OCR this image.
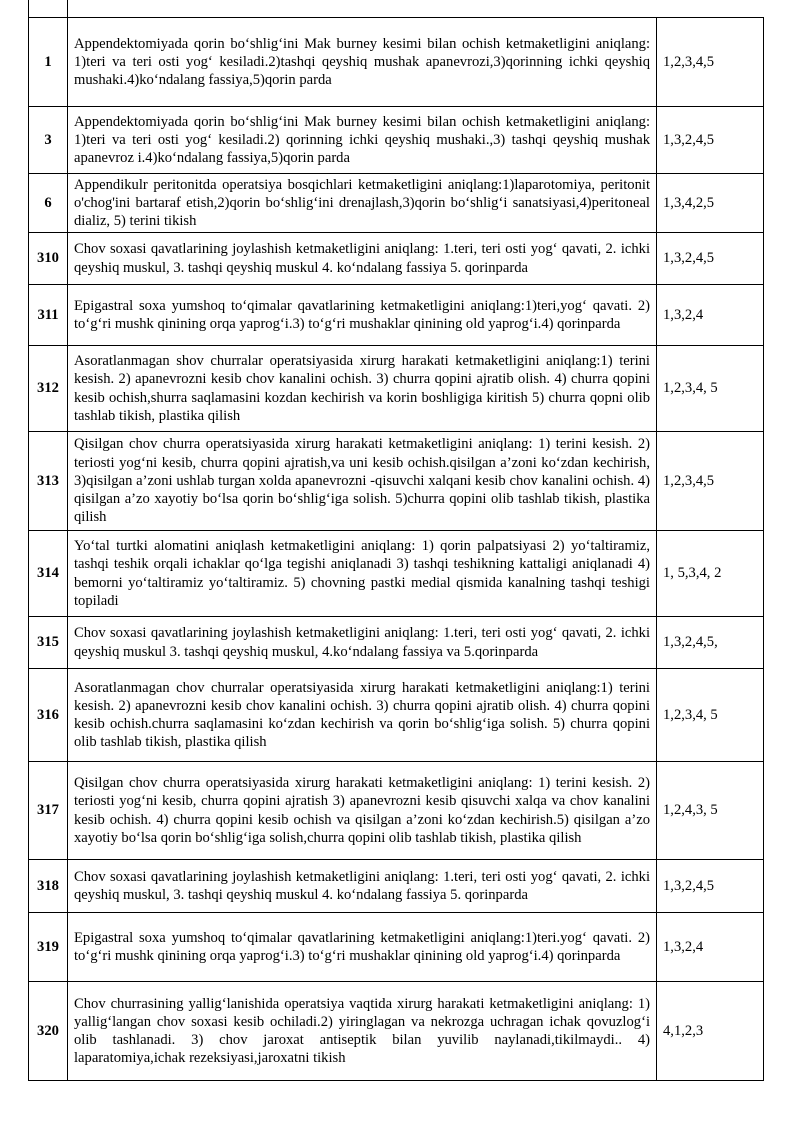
1	Appendektomiyada qorin bo‘shlig‘ini Mak burney kesimi bilan ochish ketmaketligini aniqlang: 1)teri va teri osti yog‘ kesiladi.2)tashqi qeyshiq mushak apanevrozi,3)qorinning ichki qeyshiq mushaki.4)ko‘ndalang fassiya,5)qorin parda	1,2,3,4,5
3	Appendektomiyada qorin bo‘shlig‘ini Mak burney kesimi bilan ochish ketmaketligini aniqlang: 1)teri va teri osti yog‘ kesiladi.2) qorinning ichki qeyshiq mushaki.,3) tashqi qeyshiq mushak apanevroz i.4)ko‘ndalang fassiya,5)qorin parda	1,3,2,4,5
6	Appendikulr peritonitda operatsiya bosqichlari ketmaketligini aniqlang:1)laparotomiya, peritonit o'chog'ini bartaraf etish,2)qorin bo‘shlig‘ini drenajlash,3)qorin bo‘shlig‘i sanatsiyasi,4)peritoneal dializ, 5) terini tikish	1,3,4,2,5
310	Chov soxasi qavatlarining joylashish ketmaketligini aniqlang: 1.teri, teri osti yog‘ qavati, 2. ichki qeyshiq muskul, 3. tashqi qeyshiq muskul 4. ko‘ndalang fassiya 5. qorinparda	1,3,2,4,5
311	Epigastral soxa yumshoq to‘qimalar qavatlarining ketmaketligini aniqlang:1)teri,yog‘ qavati. 2) to‘g‘ri mushk qinining orqa yaprog‘i.3) to‘g‘ri mushaklar qinining old yaprog‘i.4) qorinparda	1,3,2,4
312	Asoratlanmagan shov churralar operatsiyasida xirurg harakati ketmaketligini aniqlang:1) terini kesish. 2) apanevrozni kesib chov kanalini ochish. 3) churra qopini ajratib olish. 4) churra qopini kesib ochish,shurra saqlamasini kozdan kechirish va korin boshligiga kiritish 5) churra qopni olib tashlab tikish, plastika qilish	1,2,3,4, 5
313	Qisilgan chov churra operatsiyasida xirurg harakati ketmaketligini aniqlang: 1) terini kesish. 2) teriosti yog‘ni kesib, churra qopini ajratish,va uni kesib ochish.qisilgan a’zoni ko‘zdan kechirish, 3)qisilgan a’zoni ushlab turgan xolda apanevrozni -qisuvchi xalqani kesib chov kanalini ochish. 4) qisilgan a’zo xayotiy bo‘lsa qorin bo‘shlig‘iga solish. 5)churra qopini olib tashlab tikish, plastika qilish	1,2,3,4,5
314	Yo‘tal turtki alomatini aniqlash ketmaketligini aniqlang: 1) qorin palpatsiyasi 2) yo‘taltiramiz, tashqi teshik orqali ichaklar qo‘lga tegishi aniqlanadi 3) tashqi teshikning kattaligi aniqlanadi 4) bemorni yo‘taltiramiz yo‘taltiramiz. 5) chovning pastki medial qismida kanalning tashqi teshigi topiladi	1, 5,3,4, 2
315	Chov soxasi qavatlarining joylashish ketmaketligini aniqlang: 1.teri, teri osti yog‘ qavati, 2. ichki qeyshiq muskul 3. tashqi qeyshiq muskul, 4.ko‘ndalang fassiya va 5.qorinparda	1,3,2,4,5,
316	Asoratlanmagan chov churralar operatsiyasida xirurg harakati ketmaketligini aniqlang:1) terini kesish. 2) apanevrozni kesib chov kanalini ochish. 3) churra qopini ajratib olish. 4) churra qopini kesib ochish.churra saqlamasini ko‘zdan kechirish va qorin bo‘shlig‘iga solish. 5) churra qopini olib tashlab tikish, plastika qilish	1,2,3,4, 5
317	Qisilgan chov churra operatsiyasida xirurg harakati ketmaketligini aniqlang: 1) terini kesish. 2) teriosti yog‘ni kesib, churra qopini ajratish 3) apanevrozni kesib qisuvchi xalqa va chov kanalini kesib ochish. 4) churra qopini kesib ochish va qisilgan a’zoni ko‘zdan kechirish.5) qisilgan a’zo xayotiy bo‘lsa qorin bo‘shlig‘iga solish,churra qopini olib tashlab tikish, plastika qilish	1,2,4,3, 5
318	Chov soxasi qavatlarining joylashish ketmaketligini aniqlang: 1.teri, teri osti yog‘ qavati, 2. ichki qeyshiq muskul, 3. tashqi qeyshiq muskul 4. ko‘ndalang fassiya 5. qorinparda	1,3,2,4,5
319	Epigastral soxa yumshoq to‘qimalar qavatlarining ketmaketligini aniqlang:1)teri.yog‘ qavati. 2) to‘g‘ri mushk qinining orqa yaprog‘i.3) to‘g‘ri mushaklar qinining old yaprog‘i.4) qorinparda	1,3,2,4
320	Chov churrasining yallig‘lanishida operatsiya vaqtida xirurg harakati ketmaketligini aniqlang: 1) yallig‘langan chov soxasi kesib ochiladi.2) yiringlagan va nekrozga uchragan ichak qovuzlog‘i olib tashlanadi. 3) chov jaroxat antiseptik bilan yuvilib naylanadi,tikilmaydi.. 4) laparatomiya,ichak rezeksiyasi,jaroxatni tikish	4,1,2,3
